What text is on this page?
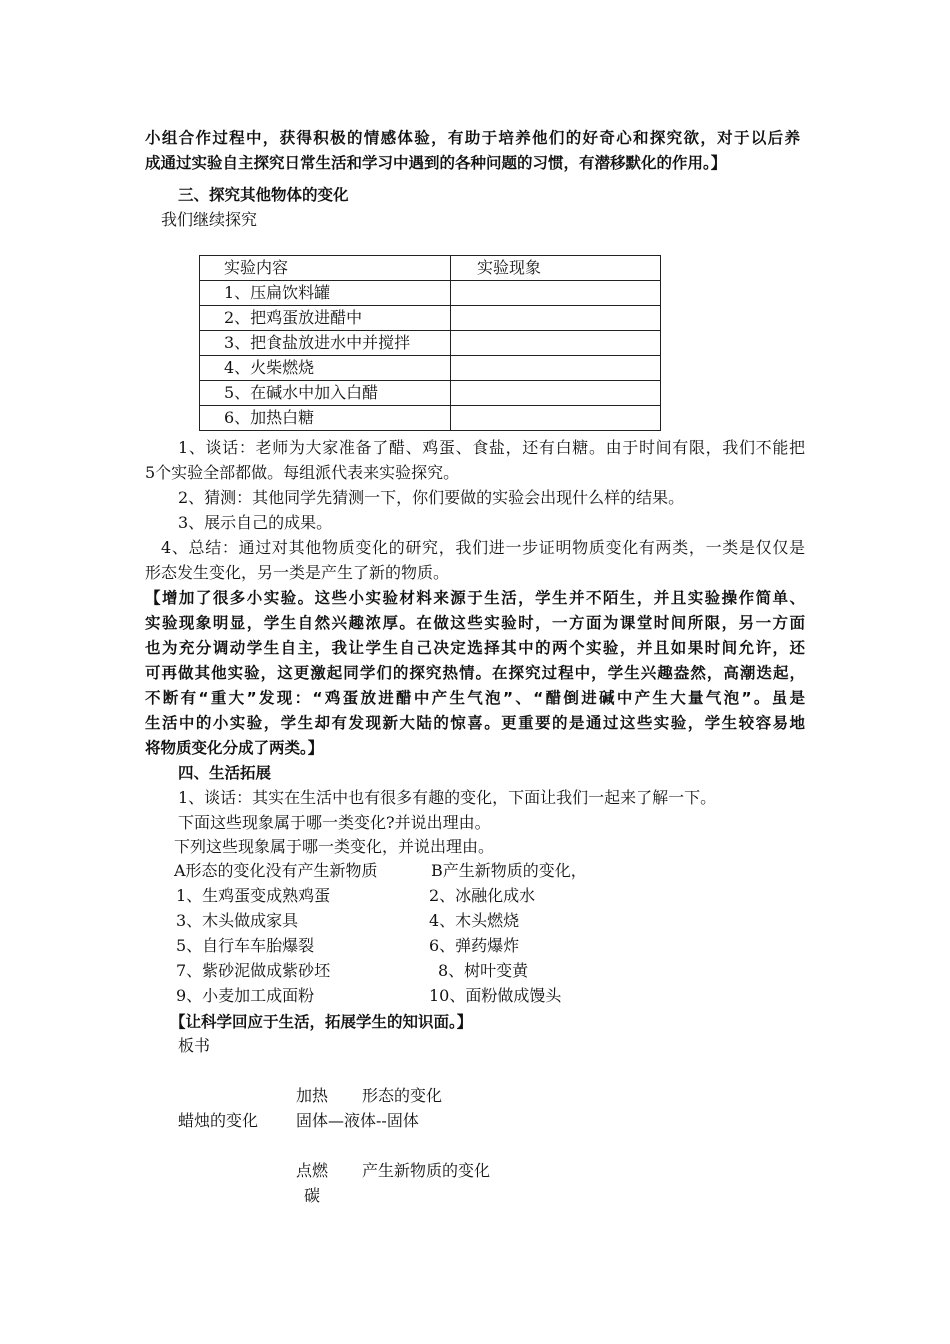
小组合作过程中，获得积极的情感体验，有助于培养他们的好奇心和探究欲，对于以后养
成通过实验自主探究日常生活和学习中遇到的各种问题的习惯，有潜移默化的作用。】
三、探究其他物体的变化
我们继续探究
实验内容	实验现象
1、压扁饮料罐	
2、把鸡蛋放进醋中	
3、把食盐放进水中并搅拌	
4、火柴燃烧	
5、在碱水中加入白醋	
6、加热白糖	
1、谈话：老师为大家准备了醋、鸡蛋、食盐，还有白糖。由于时间有限，我们不能把
5个实验全部都做。每组派代表来实验探究。
2、猜测：其他同学先猜测一下，你们要做的实验会出现什么样的结果。
3、展示自己的成果。
4、总结：通过对其他物质变化的研究，我们进一步证明物质变化有两类，一类是仅仅是
形态发生变化，另一类是产生了新的物质。
【增加了很多小实验。这些小实验材料来源于生活，学生并不陌生，并且实验操作简单、
实验现象明显，学生自然兴趣浓厚。在做这些实验时，一方面为课堂时间所限，另一方面
也为充分调动学生自主，我让学生自己决定选择其中的两个实验，并且如果时间允许，还
可再做其他实验，这更激起同学们的探究热情。在探究过程中，学生兴趣盎然，高潮迭起，
不断有“重大”发现：“鸡蛋放进醋中产生气泡”、“醋倒进碱中产生大量气泡”。虽是
生活中的小实验，学生却有发现新大陆的惊喜。更重要的是通过这些实验，学生较容易地
将物质变化分成了两类。】
四、生活拓展
1、谈话：其实在生活中也有很多有趣的变化，下面让我们一起来了解一下。
下面这些现象属于哪一类变化?并说出理由。
下列这些现象属于哪一类变化，并说出理由。
A形态的变化没有产生新物质	B产生新物质的变化，
1、生鸡蛋变成熟鸡蛋	2、冰融化成水
3、木头做成家具	4、木头燃烧
5、自行车车胎爆裂	6、弹药爆炸
7、紫砂泥做成紫砂坯	8、树叶变黄
9、小麦加工成面粉	10、面粉做成馒头
【让科学回应于生活，拓展学生的知识面。】
板书
加热 形态的变化
蜡烛的变化 固体—液体--固体
点燃 产生新物质的变化
碳
